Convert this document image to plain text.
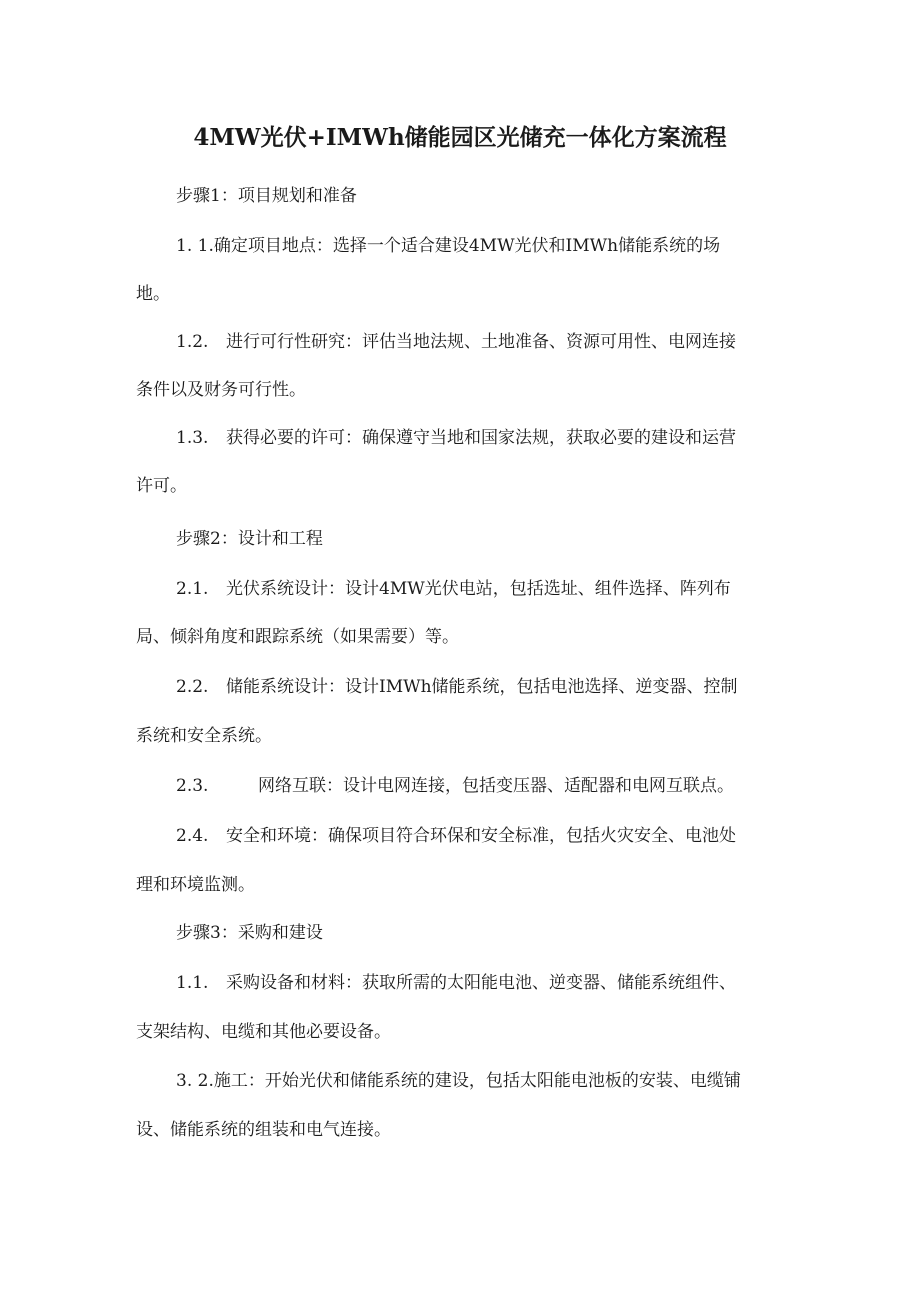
4MW光伏+IMWh储能园区光储充一体化方案流程
步骤1：项目规划和准备
1. 1.确定项目地点：选择一个适合建设4MW光伏和IMWh储能系统的场
地。
1.2. 进行可行性研究：评估当地法规、土地准备、资源可用性、电网连接
条件以及财务可行性。
1.3. 获得必要的许可：确保遵守当地和国家法规，获取必要的建设和运营
许可。
步骤2：设计和工程
2.1. 光伏系统设计：设计4MW光伏电站，包括选址、组件选择、阵列布
局、倾斜角度和跟踪系统（如果需要）等。
2.2. 储能系统设计：设计IMWh储能系统，包括电池选择、逆变器、控制
系统和安全系统。
2.3.	网络互联：设计电网连接，包括变压器、适配器和电网互联点。
2.4. 安全和环境：确保项目符合环保和安全标准，包括火灾安全、电池处
理和环境监测。
步骤3：采购和建设
1.1. 采购设备和材料：获取所需的太阳能电池、逆变器、储能系统组件、
支架结构、电缆和其他必要设备。
3. 2.施工：开始光伏和储能系统的建设，包括太阳能电池板的安装、电缆铺
设、储能系统的组装和电气连接。
